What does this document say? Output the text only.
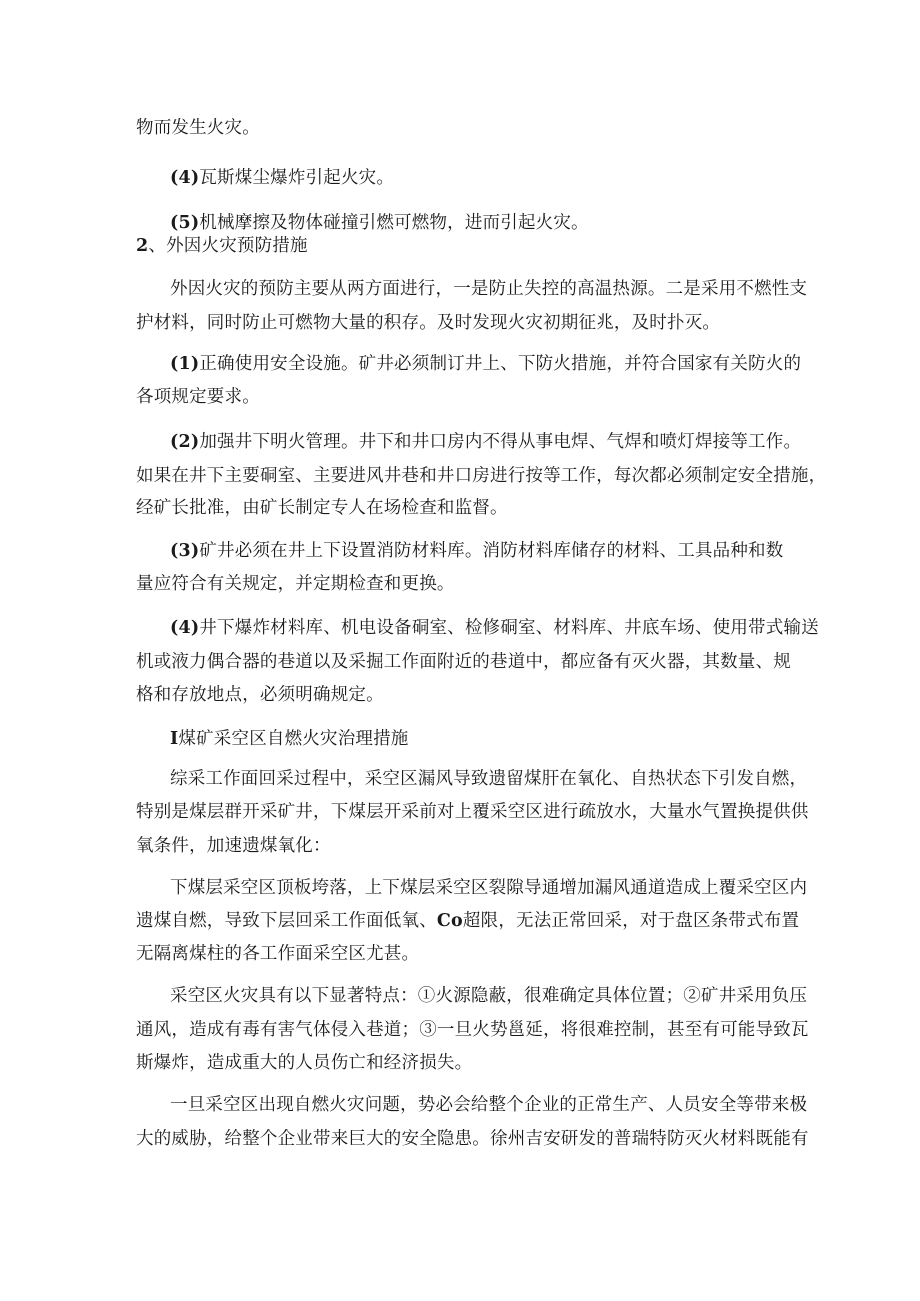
物而发生火灾。
(4)瓦斯煤尘爆炸引起火灾。
(5)机械摩擦及物体碰撞引燃可燃物，进而引起火灾。
2、外因火灾预防措施
外因火灾的预防主要从两方面进行，一是防止失控的高温热源。二是采用不燃性支
护材料，同时防止可燃物大量的积存。及时发现火灾初期征兆，及时扑灭。
(1)正确使用安全设施。矿井必须制订井上、下防火措施，并符合国家有关防火的
各项规定要求。
(2)加强井下明火管理。井下和井口房内不得从事电焊、气焊和喷灯焊接等工作。
如果在井下主要硐室、主要进风井巷和井口房进行按等工作，每次都必须制定安全措施，
经矿长批准，由矿长制定专人在场检查和监督。
(3)矿井必须在井上下设置消防材料库。消防材料库储存的材料、工具品种和数
量应符合有关规定，并定期检查和更换。
(4)井下爆炸材料库、机电设备硐室、检修硐室、材料库、井底车场、使用带式输送
机或液力偶合器的巷道以及采掘工作面附近的巷道中，都应备有灭火器，其数量、规
格和存放地点，必须明确规定。
I煤矿采空区自燃火灾治理措施
综采工作面回采过程中，采空区漏风导致遗留煤肝在氧化、自热状态下引发自燃，
特别是煤层群开采矿井，下煤层开采前对上覆采空区进行疏放水，大量水气置换提供供
氧条件，加速遗煤氧化：
下煤层采空区顶板垮落，上下煤层采空区裂隙导通增加漏风通道造成上覆采空区内
遗煤自燃，导致下层回采工作面低氧、Co超限，无法正常回采，对于盘区条带式布置
无隔离煤柱的各工作面采空区尤甚。
采空区火灾具有以下显著特点：①火源隐蔽，很难确定具体位置；②矿井采用负压
通风，造成有毒有害气体侵入巷道；③一旦火势邕延，将很难控制，甚至有可能导致瓦
斯爆炸，造成重大的人员伤亡和经济损失。
一旦采空区出现自燃火灾问题，势必会给整个企业的正常生产、人员安全等带来极
大的威胁，给整个企业带来巨大的安全隐患。徐州吉安研发的普瑞特防灭火材料既能有
